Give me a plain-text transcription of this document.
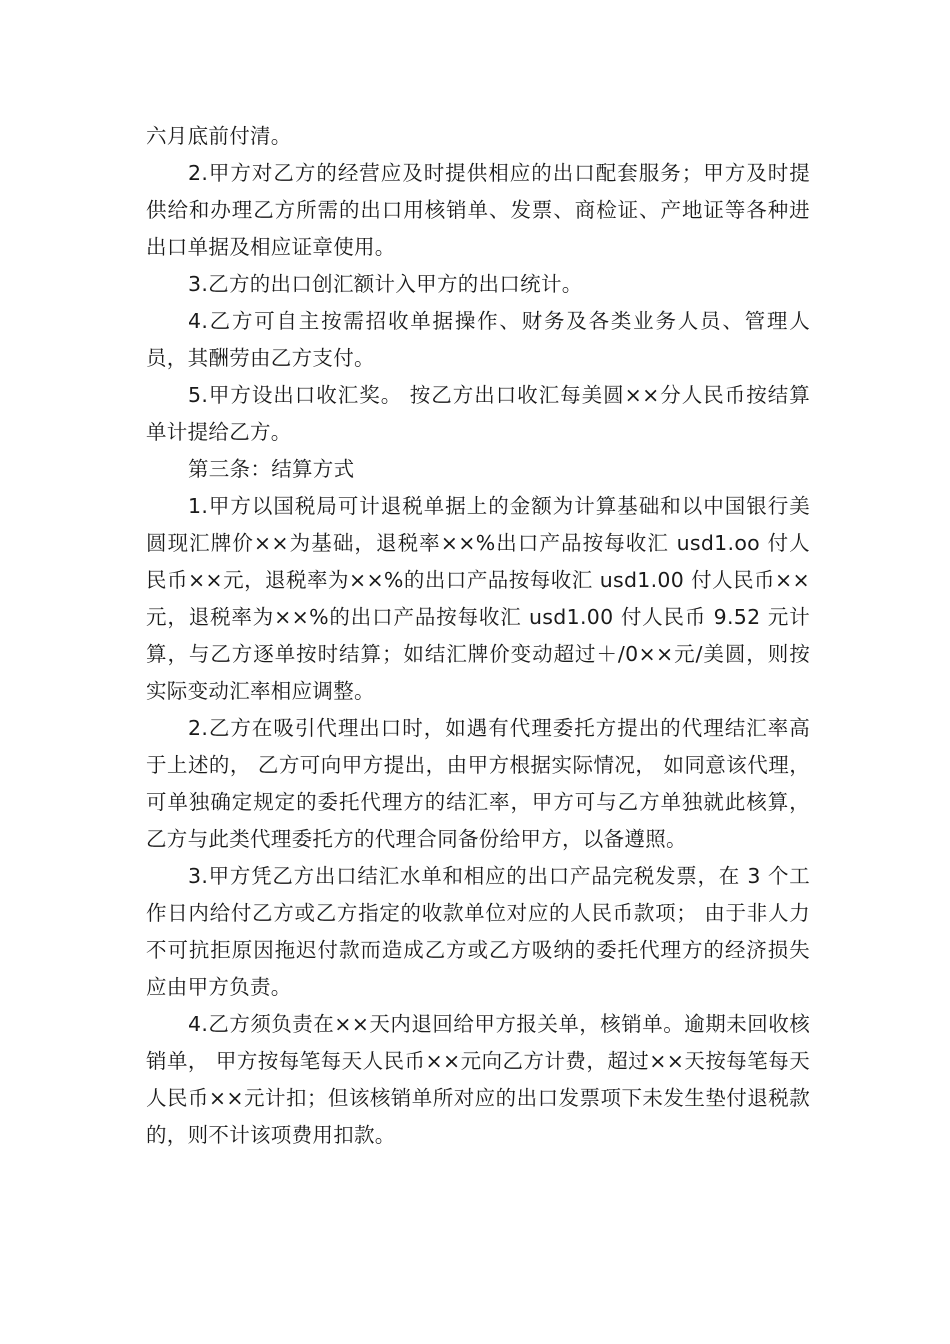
六月底前付清。

2.甲方对乙方的经营应及时提供相应的出口配套服务；甲方及时提供给和办理乙方所需的出口用核销单、发票、商检证、产地证等各种进出口单据及相应证章使用。

3.乙方的出口创汇额计入甲方的出口统计。

4.乙方可自主按需招收单据操作、财务及各类业务人员、管理人员，其酬劳由乙方支付。

5.甲方设出口收汇奖。 按乙方出口收汇每美圆××分人民币按结算单计提给乙方。

第三条：结算方式

1.甲方以国税局可计退税单据上的金额为计算基础和以中国银行美圆现汇牌价××为基础，退税率××%出口产品按每收汇 usd1.oo 付人民币××元，退税率为××%的出口产品按每收汇 usd1.00 付人民币××元，退税率为××%的出口产品按每收汇 usd1.00 付人民币 9.52 元计算，与乙方逐单按时结算；如结汇牌价变动超过＋/0××元/美圆，则按实际变动汇率相应调整。

2.乙方在吸引代理出口时，如遇有代理委托方提出的代理结汇率高于上述的， 乙方可向甲方提出，由甲方根据实际情况， 如同意该代理， 可单独确定规定的委托代理方的结汇率，甲方可与乙方单独就此核算，乙方与此类代理委托方的代理合同备份给甲方，以备遵照。

3.甲方凭乙方出口结汇水单和相应的出口产品完税发票，在 3 个工作日内给付乙方或乙方指定的收款单位对应的人民币款项； 由于非人力不可抗拒原因拖迟付款而造成乙方或乙方吸纳的委托代理方的经济损失应由甲方负责。

4.乙方须负责在××天内退回给甲方报关单，核销单。逾期未回收核销单， 甲方按每笔每天人民币××元向乙方计费，超过××天按每笔每天人民币××元计扣；但该核销单所对应的出口发票项下未发生垫付退税款的，则不计该项费用扣款。
